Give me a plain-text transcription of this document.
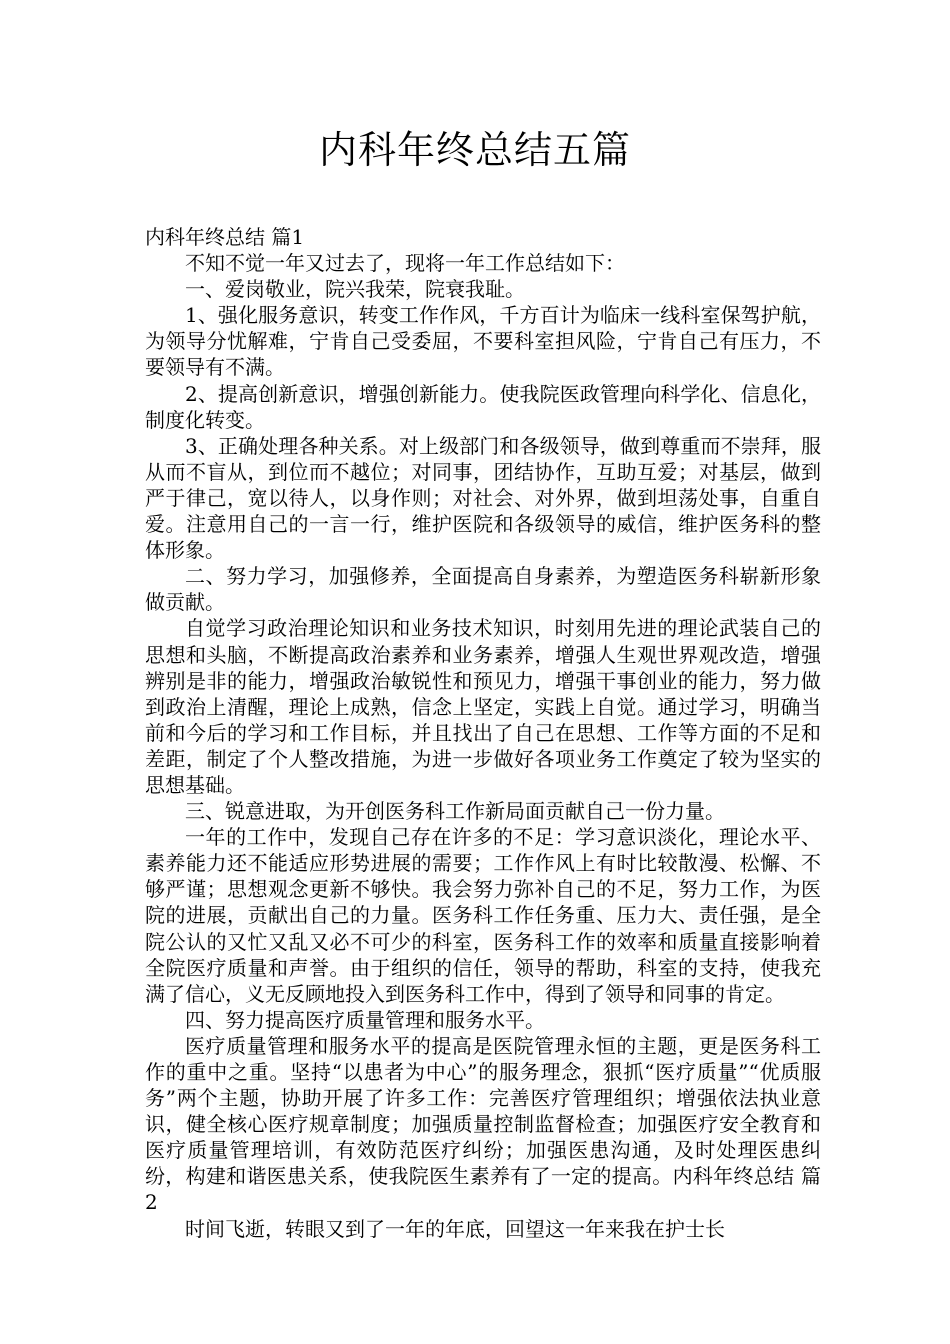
内科年终总结五篇

内科年终总结 篇1

不知不觉一年又过去了，现将一年工作总结如下：

一、爱岗敬业，院兴我荣，院衰我耻。

1、强化服务意识，转变工作作风，千方百计为临床一线科室保驾护航，为领导分忧解难，宁肯自己受委屈，不要科室担风险，宁肯自己有压力，不要领导有不满。

2、提高创新意识，增强创新能力。使我院医政管理向科学化、信息化，制度化转变。

3、正确处理各种关系。对上级部门和各级领导，做到尊重而不崇拜，服从而不盲从，到位而不越位；对同事，团结协作，互助互爱；对基层，做到严于律己，宽以待人，以身作则；对社会、对外界，做到坦荡处事，自重自爱。注意用自己的一言一行，维护医院和各级领导的威信，维护医务科的整体形象。

二、努力学习，加强修养，全面提高自身素养，为塑造医务科崭新形象做贡献。

自觉学习政治理论知识和业务技术知识，时刻用先进的理论武装自己的思想和头脑，不断提高政治素养和业务素养，增强人生观世界观改造，增强辨别是非的能力，增强政治敏锐性和预见力，增强干事创业的能力，努力做到政治上清醒，理论上成熟，信念上坚定，实践上自觉。通过学习，明确当前和今后的学习和工作目标，并且找出了自己在思想、工作等方面的不足和差距，制定了个人整改措施，为进一步做好各项业务工作奠定了较为坚实的思想基础。

三、锐意进取，为开创医务科工作新局面贡献自己一份力量。

一年的工作中，发现自己存在许多的不足：学习意识淡化，理论水平、素养能力还不能适应形势进展的需要；工作作风上有时比较散漫、松懈、不够严谨；思想观念更新不够快。我会努力弥补自己的不足，努力工作，为医院的进展，贡献出自己的力量。医务科工作任务重、压力大、责任强，是全院公认的又忙又乱又必不可少的科室，医务科工作的效率和质量直接影响着全院医疗质量和声誉。由于组织的信任，领导的帮助，科室的支持，使我充满了信心，义无反顾地投入到医务科工作中，得到了领导和同事的肯定。

四、努力提高医疗质量管理和服务水平。

医疗质量管理和服务水平的提高是医院管理永恒的主题，更是医务科工作的重中之重。坚持“以患者为中心”的服务理念，狠抓“医疗质量”“优质服务”两个主题，协助开展了许多工作：完善医疗管理组织；增强依法执业意识，健全核心医疗规章制度；加强质量控制监督检查；加强医疗安全教育和医疗质量管理培训，有效防范医疗纠纷；加强医患沟通，及时处理医患纠纷，构建和谐医患关系，使我院医生素养有了一定的提高。内科年终总结 篇2

时间飞逝，转眼又到了一年的年底，回望这一年来我在护士长
